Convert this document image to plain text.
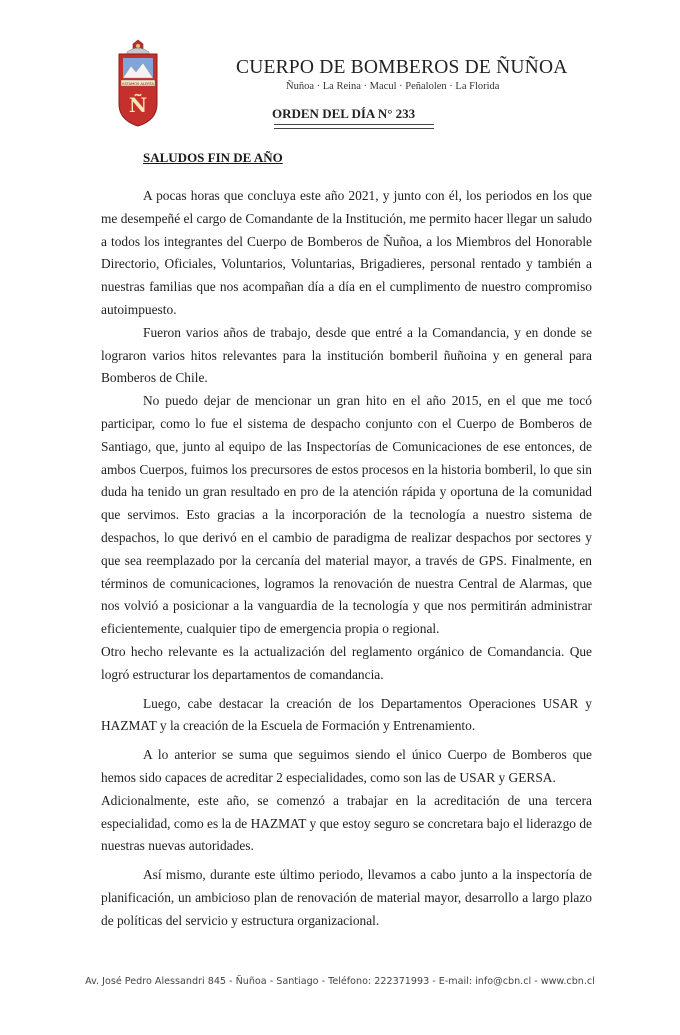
ESTAMOS ALERTA
Ñ
CUERPO DE BOMBEROS DE ÑUÑOA
Ñuñoa · La Reina · Macul · Peñalolen · La Florida
ORDEN DEL DÍA N° 233
SALUDOS FIN DE AÑO

A pocas horas que concluya este año 2021, y junto con él, los periodos en los que me desempeñé el cargo de Comandante de la Institución, me permito hacer llegar un saludo a todos los integrantes del Cuerpo de Bomberos de Ñuñoa, a los Miembros del Honorable Directorio, Oficiales, Voluntarios, Voluntarias, Brigadieres, personal rentado y también a nuestras familias que nos acompañan día a día en el cumplimento de nuestro compromiso autoimpuesto.

Fueron varios años de trabajo, desde que entré a la Comandancia, y en donde se lograron varios hitos relevantes para la institución bomberil ñuñoina y en general para Bomberos de Chile.

No puedo dejar de mencionar un gran hito en el año 2015, en el que me tocó participar, como lo fue el sistema de despacho conjunto con el Cuerpo de Bomberos de Santiago, que, junto al equipo de las Inspectorías de Comunicaciones de ese entonces, de ambos Cuerpos, fuimos los precursores de estos procesos en la historia bomberil, lo que sin duda ha tenido un gran resultado en pro de la atención rápida y oportuna de la comunidad que servimos. Esto gracias a la incorporación de la tecnología a nuestro sistema de despachos, lo que derivó en el cambio de paradigma de realizar despachos por sectores y que sea reemplazado por la cercanía del material mayor, a través de GPS. Finalmente, en términos de comunicaciones, logramos la renovación de nuestra Central de Alarmas, que nos volvió a posicionar a la vanguardia de la tecnología y que nos permitirán administrar eficientemente, cualquier tipo de emergencia propia o regional.

Otro hecho relevante es la actualización del reglamento orgánico de Comandancia. Que logró estructurar los departamentos de comandancia.

Luego, cabe destacar la creación de los Departamentos Operaciones USAR y HAZMAT y la creación de la Escuela de Formación y Entrenamiento.

A lo anterior se suma que seguimos siendo el único Cuerpo de Bomberos que hemos sido capaces de acreditar 2 especialidades, como son las de USAR y GERSA.

Adicionalmente, este año, se comenzó a trabajar en la acreditación de una tercera especialidad, como es la de HAZMAT y que estoy seguro se concretara bajo el liderazgo de nuestras nuevas autoridades.

Así mismo, durante este último periodo, llevamos a cabo junto a la inspectoría de planificación, un ambicioso plan de renovación de material mayor, desarrollo a largo plazo de políticas del servicio y estructura organizacional.

Av. José Pedro Alessandri 845 - Ñuñoa - Santiago - Teléfono: 222371993 - E-mail: info@cbn.cl - www.cbn.cl
